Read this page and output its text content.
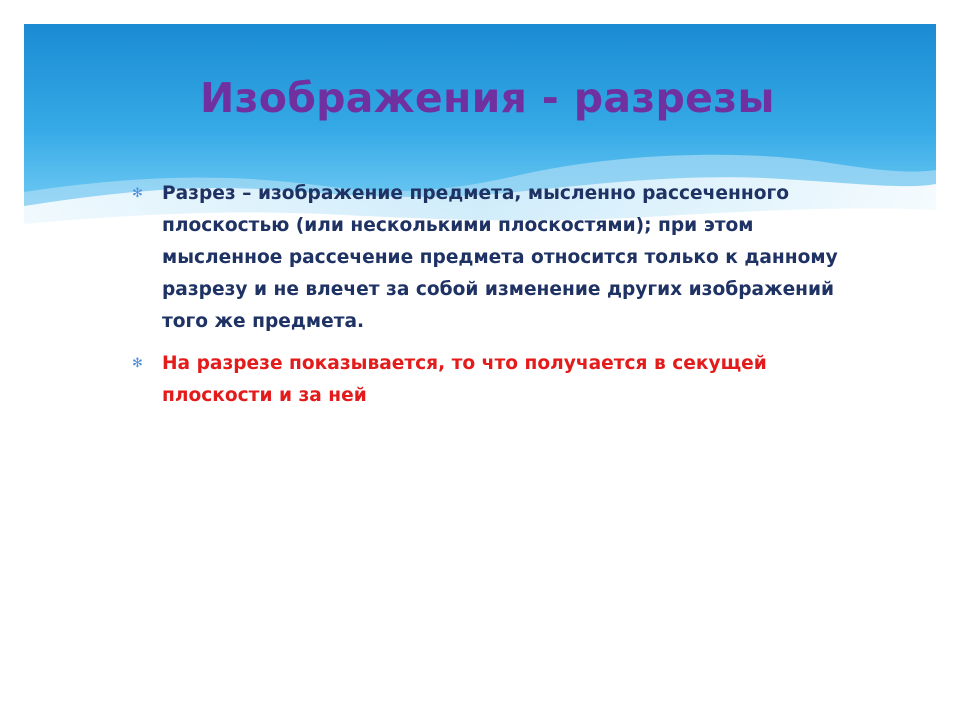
Изображения - разрезы
✻ Разрез – изображение предмета, мысленно рассеченного плоскостью (или несколькими плоскостями); при этом мысленное рассечение предмета относится только к данному разрезу и не влечет за собой изменение других изображений того же предмета.
✻ На разрезе показывается, то что получается в секущей плоскости и за ней
